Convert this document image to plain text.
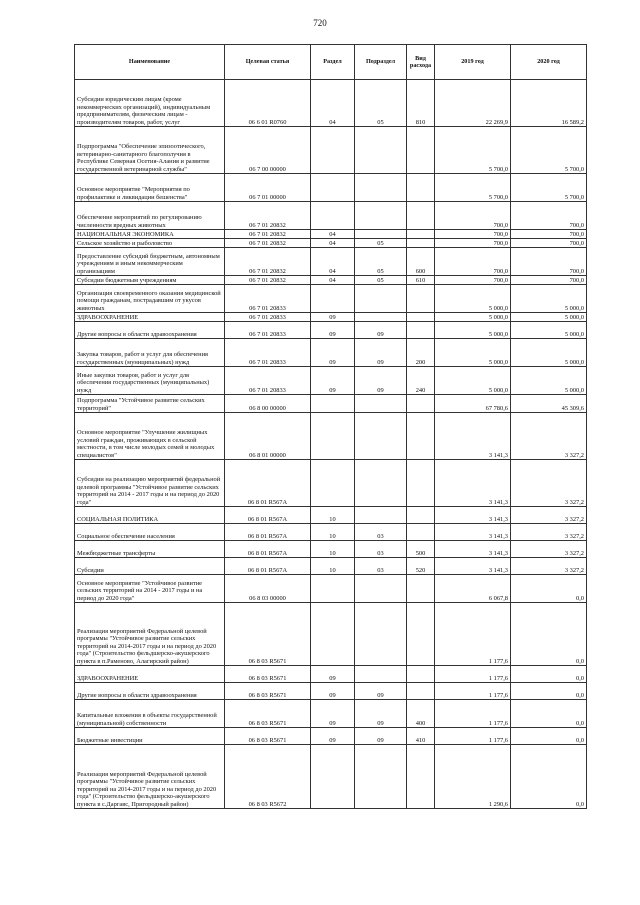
720
Наименование	Целевая статья	Раздел	Подраздел	Вид расхода	2019 год	2020 год
Субсидии юридическим лицам (кроме некоммерческих организаций), индивидуальным предпринимателям, физическим лицам - производителям товаров, работ, услуг	06 6 01 R0760	04	05	810	22 269,9	16 589,2
Подпрограмма "Обеспечение эпизоотического, ветеринарно-санитарного благополучия в Республике Северная Осетия-Алания и развитие государственной ветеринарной службы"	06 7 00 00000				5 700,0	5 700,0
Основное мероприятие "Мероприятия по профилактике и ликвидации бешенства"	06 7 01 00000				5 700,0	5 700,0
Обеспечение мероприятий по регулированию численности вредных животных	06 7 01 20832				700,0	700,0
НАЦИОНАЛЬНАЯ ЭКОНОМИКА	06 7 01 20832	04			700,0	700,0
Сельское хозяйство и рыболовство	06 7 01 20832	04	05		700,0	700,0
Предоставление субсидий бюджетным, автономным учреждениям и иным некоммерческим организациям	06 7 01 20832	04	05	600	700,0	700,0
Субсидии бюджетным учреждениям	06 7 01 20832	04	05	610	700,0	700,0
Организация своевременного оказания медицинской помощи гражданам, пострадавшим от укусов животных	06 7 01 20833				5 000,0	5 000,0
ЗДРАВООХРАНЕНИЕ	06 7 01 20833	09			5 000,0	5 000,0
Другие вопросы в области здравоохранения	06 7 01 20833	09	09		5 000,0	5 000,0
Закупка товаров, работ и услуг для обеспечения государственных (муниципальных) нужд	06 7 01 20833	09	09	200	5 000,0	5 000,0
Иные закупки товаров, работ и услуг для обеспечения государственных (муниципальных) нужд	06 7 01 20833	09	09	240	5 000,0	5 000,0
Подпрограмма "Устойчивое развитие сельских территорий"	06 8 00 00000				67 780,6	45 309,6
Основное мероприятие "Улучшение жилищных условий граждан, проживающих в сельской местности, в том числе молодых семей и молодых специалистов"	06 8 01 00000				3 141,3	3 327,2
Субсидии на реализацию мероприятий федеральной целевой программы "Устойчивое развитие сельских территорий на 2014 - 2017 годы и на период до 2020 года"	06 8 01 R567A				3 141,3	3 327,2
СОЦИАЛЬНАЯ ПОЛИТИКА	06 8 01 R567A	10			3 141,3	3 327,2
Социальное обеспечение населения	06 8 01 R567A	10	03		3 141,3	3 327,2
Межбюджетные трансферты	06 8 01 R567A	10	03	500	3 141,3	3 327,2
Субсидии	06 8 01 R567A	10	03	520	3 141,3	3 327,2
Основное мероприятие "Устойчивое развитие сельских территорий на 2014 - 2017 годы и на период до 2020 года"	06 8 03 00000				6 067,8	0,0
Реализация мероприятий Федеральной целевой программы "Устойчивое развитие сельских территорий на 2014-2017 годы и на период до 2020 года" (Строительство фельдшерско-акушерского пункта в п.Раменово, Алагирский район)	06 8 03 R5671				1 177,6	0,0
ЗДРАВООХРАНЕНИЕ	06 8 03 R5671	09			1 177,6	0,0
Другие вопросы в области здравоохранения	06 8 03 R5671	09	09		1 177,6	0,0
Капитальные вложения в объекты государственной (муниципальной) собственности	06 8 03 R5671	09	09	400	1 177,6	0,0
Бюджетные инвестиции	06 8 03 R5671	09	09	410	1 177,6	0,0
Реализация мероприятий Федеральной целевой программы "Устойчивое развитие сельских территорий на 2014-2017 годы и на период до 2020 года" (Строительство фельдшерско-акушерского пункта в с.Даргавс, Пригородный район)	06 8 03 R5672				1 290,6	0,0
